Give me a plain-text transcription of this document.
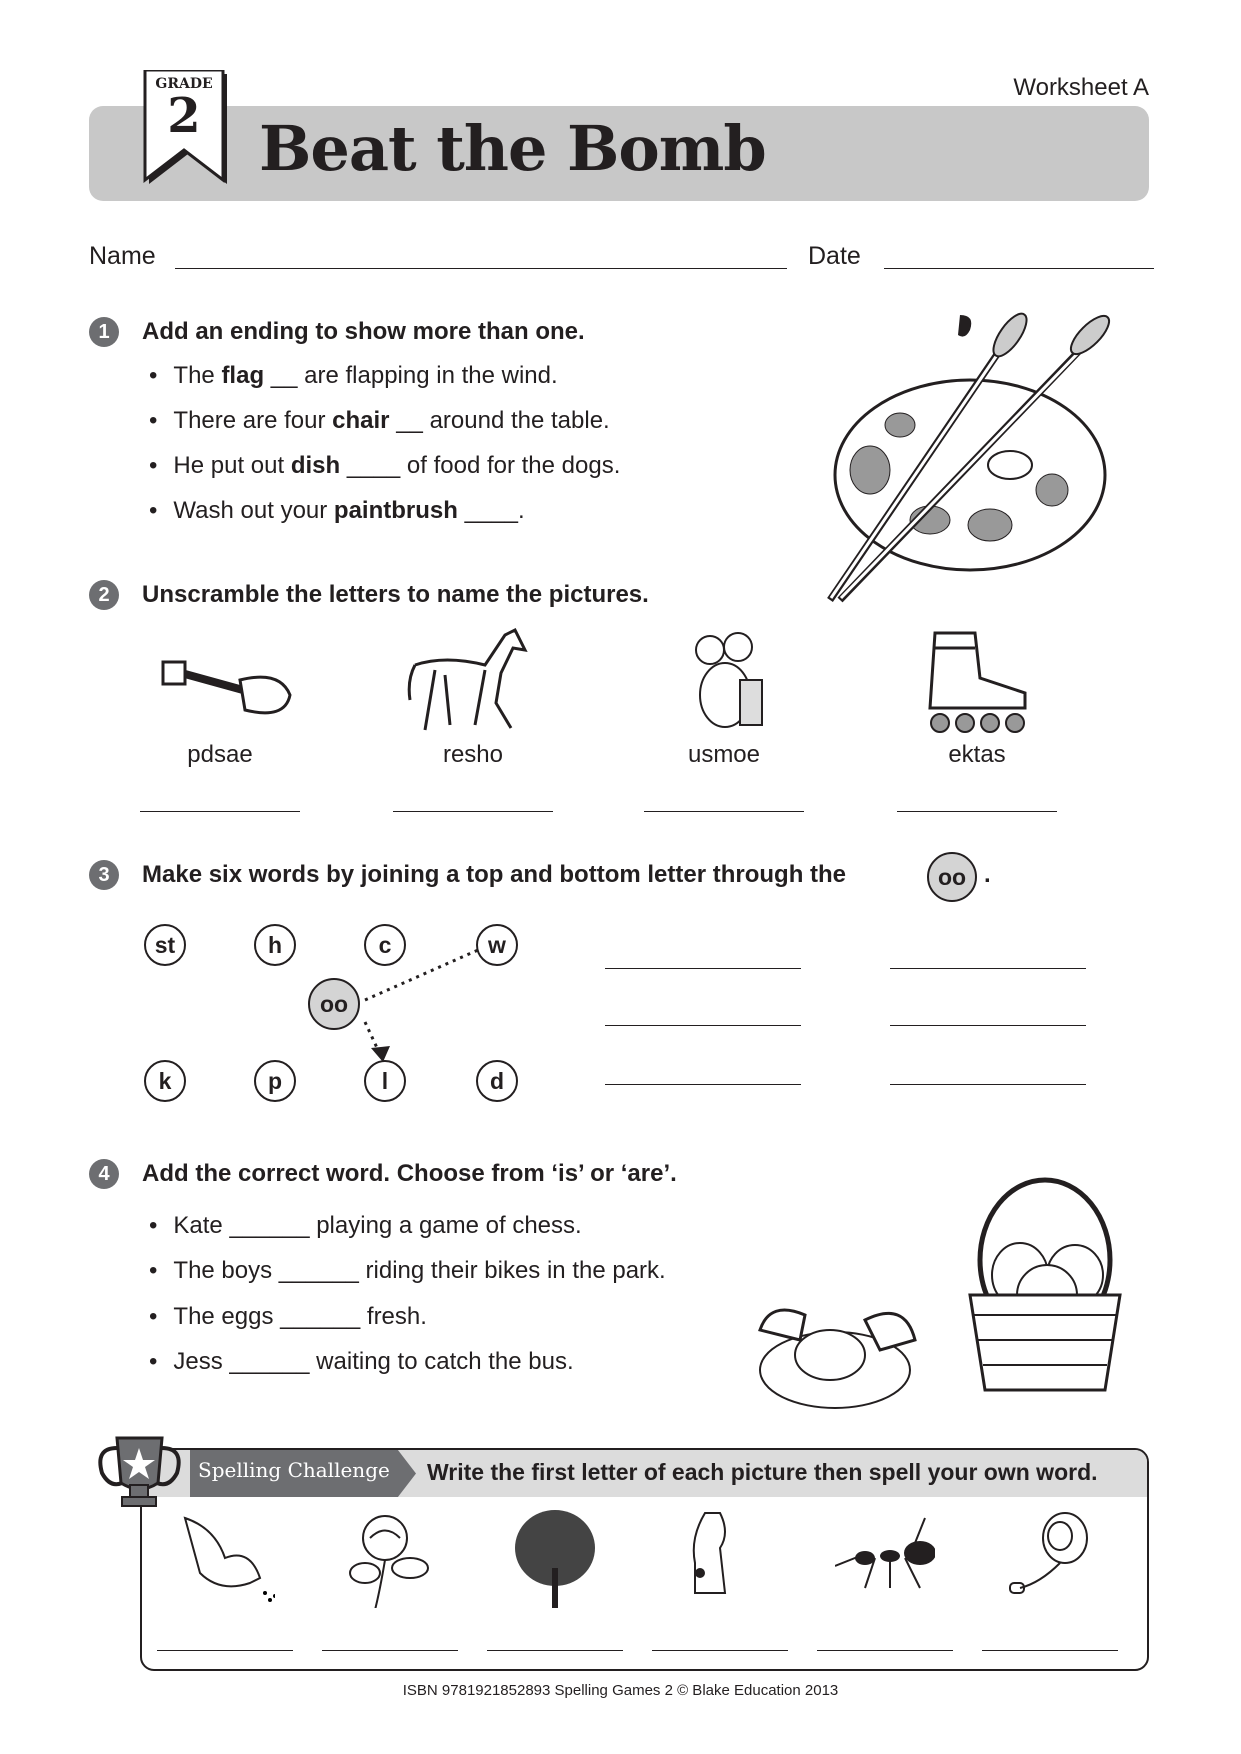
Worksheet A
GRADE
2 Beat the Bomb
Name	Date
1	Add an ending to show more than one.
• The flag __ are flapping in the wind.
• There are four chair __ around the table.
• He put out dish ____ of food for the dogs.
• Wash out your paintbrush ____.
2	Unscramble the letters to name the pictures.
pdsae	resho	usmoe	ektas
3	Make six words by joining a top and bottom letter through the	oo .
st
k
h
p
c
l
w
d
oo
4	Add the correct word. Choose from ‘is’ or ‘are’.
• Kate ______ playing a game of chess.
• The boys ______ riding their bikes in the park.
• The eggs ______ fresh.
• Jess ______ waiting to catch the bus.
Spelling Challenge Write the first letter of each picture then spell your own word.
ISBN 9781921852893 Spelling Games 2 © Blake Education 2013
